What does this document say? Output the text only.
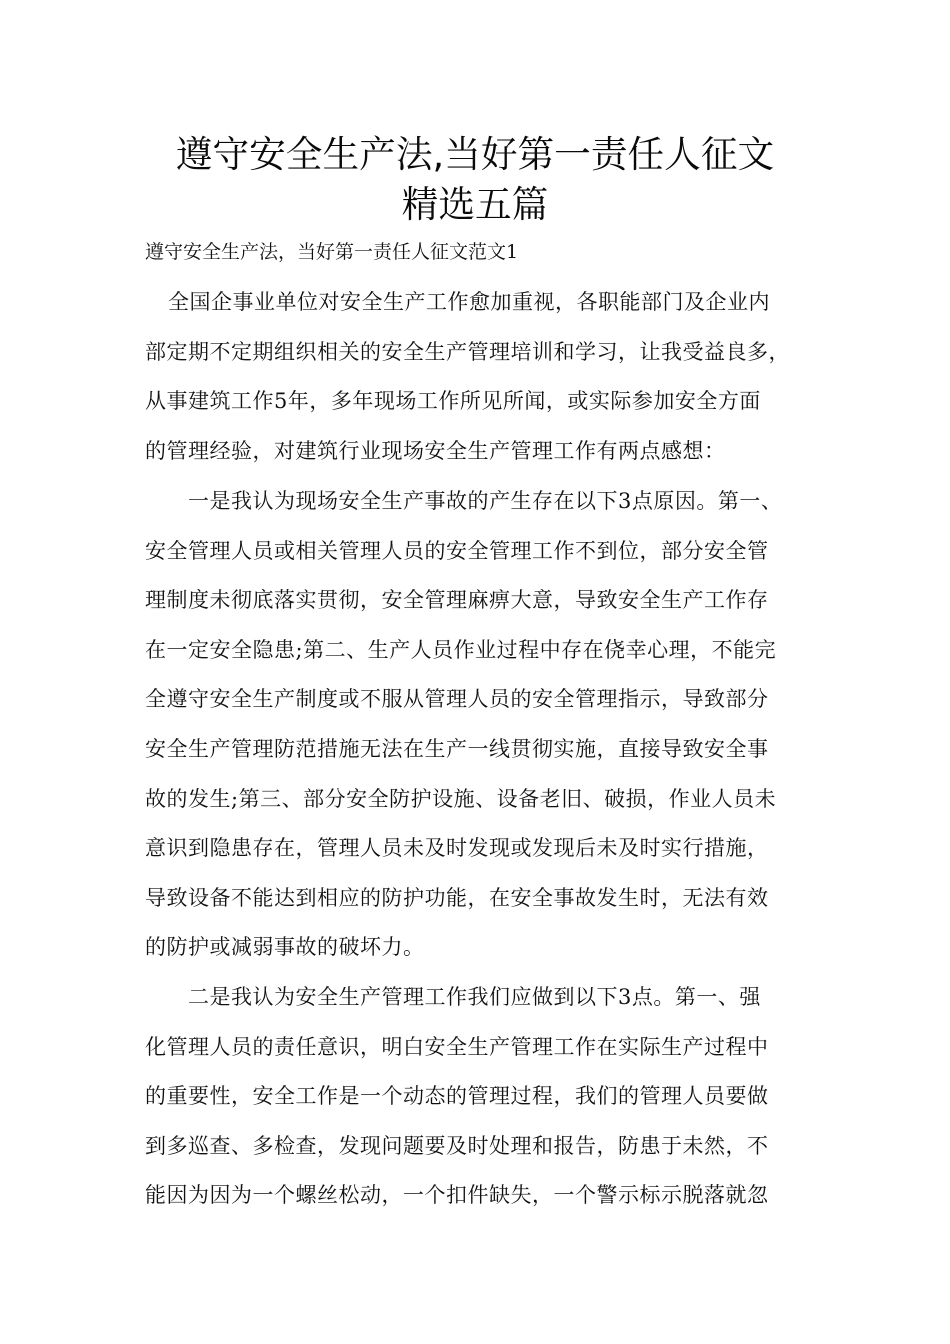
遵守安全生产法,当好第一责任人征文
精选五篇
遵守安全生产法，当好第一责任人征文范文1
全国企事业单位对安全生产工作愈加重视，各职能部门及企业内
部定期不定期组织相关的安全生产管理培训和学习，让我受益良多，
从事建筑工作5年，多年现场工作所见所闻，或实际参加安全方面
的管理经验，对建筑行业现场安全生产管理工作有两点感想：
一是我认为现场安全生产事故的产生存在以下3点原因。第一、
安全管理人员或相关管理人员的安全管理工作不到位，部分安全管
理制度未彻底落实贯彻，安全管理麻痹大意，导致安全生产工作存
在一定安全隐患;第二、生产人员作业过程中存在侥幸心理，不能完
全遵守安全生产制度或不服从管理人员的安全管理指示，导致部分
安全生产管理防范措施无法在生产一线贯彻实施，直接导致安全事
故的发生;第三、部分安全防护设施、设备老旧、破损，作业人员未
意识到隐患存在，管理人员未及时发现或发现后未及时实行措施，
导致设备不能达到相应的防护功能，在安全事故发生时，无法有效
的防护或减弱事故的破坏力。
二是我认为安全生产管理工作我们应做到以下3点。第一、强
化管理人员的责任意识，明白安全生产管理工作在实际生产过程中
的重要性，安全工作是一个动态的管理过程，我们的管理人员要做
到多巡查、多检查，发现问题要及时处理和报告，防患于未然，不
能因为因为一个螺丝松动，一个扣件缺失，一个警示标示脱落就忽
